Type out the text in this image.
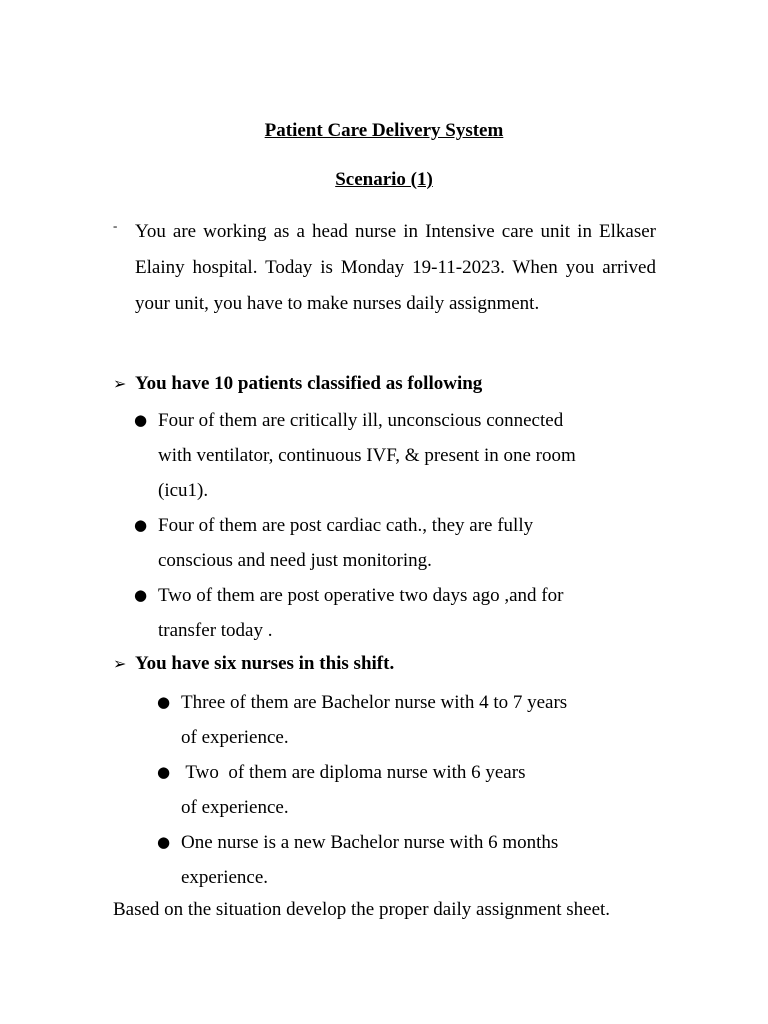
Patient Care Delivery System
Scenario (1)
- You are working as a head nurse in Intensive care unit in Elkaser Elainy hospital. Today is Monday 19-11-2023. When you arrived your unit, you have to make nurses daily assignment.
➢ You have 10 patients classified as following
● Four of them are critically ill, unconscious connected
with ventilator, continuous IVF, & present in one room
(icu1).
● Four of them are post cardiac cath., they are fully
conscious and need just monitoring.
● Two of them are post operative two days ago ,and for
transfer today .
➢ You have six nurses in this shift.
● Three of them are Bachelor nurse with 4 to 7 years
of experience.
● Two  of them are diploma nurse with 6 years
of experience.
● One nurse is a new Bachelor nurse with 6 months
experience.
Based on the situation develop the proper daily assignment sheet.
